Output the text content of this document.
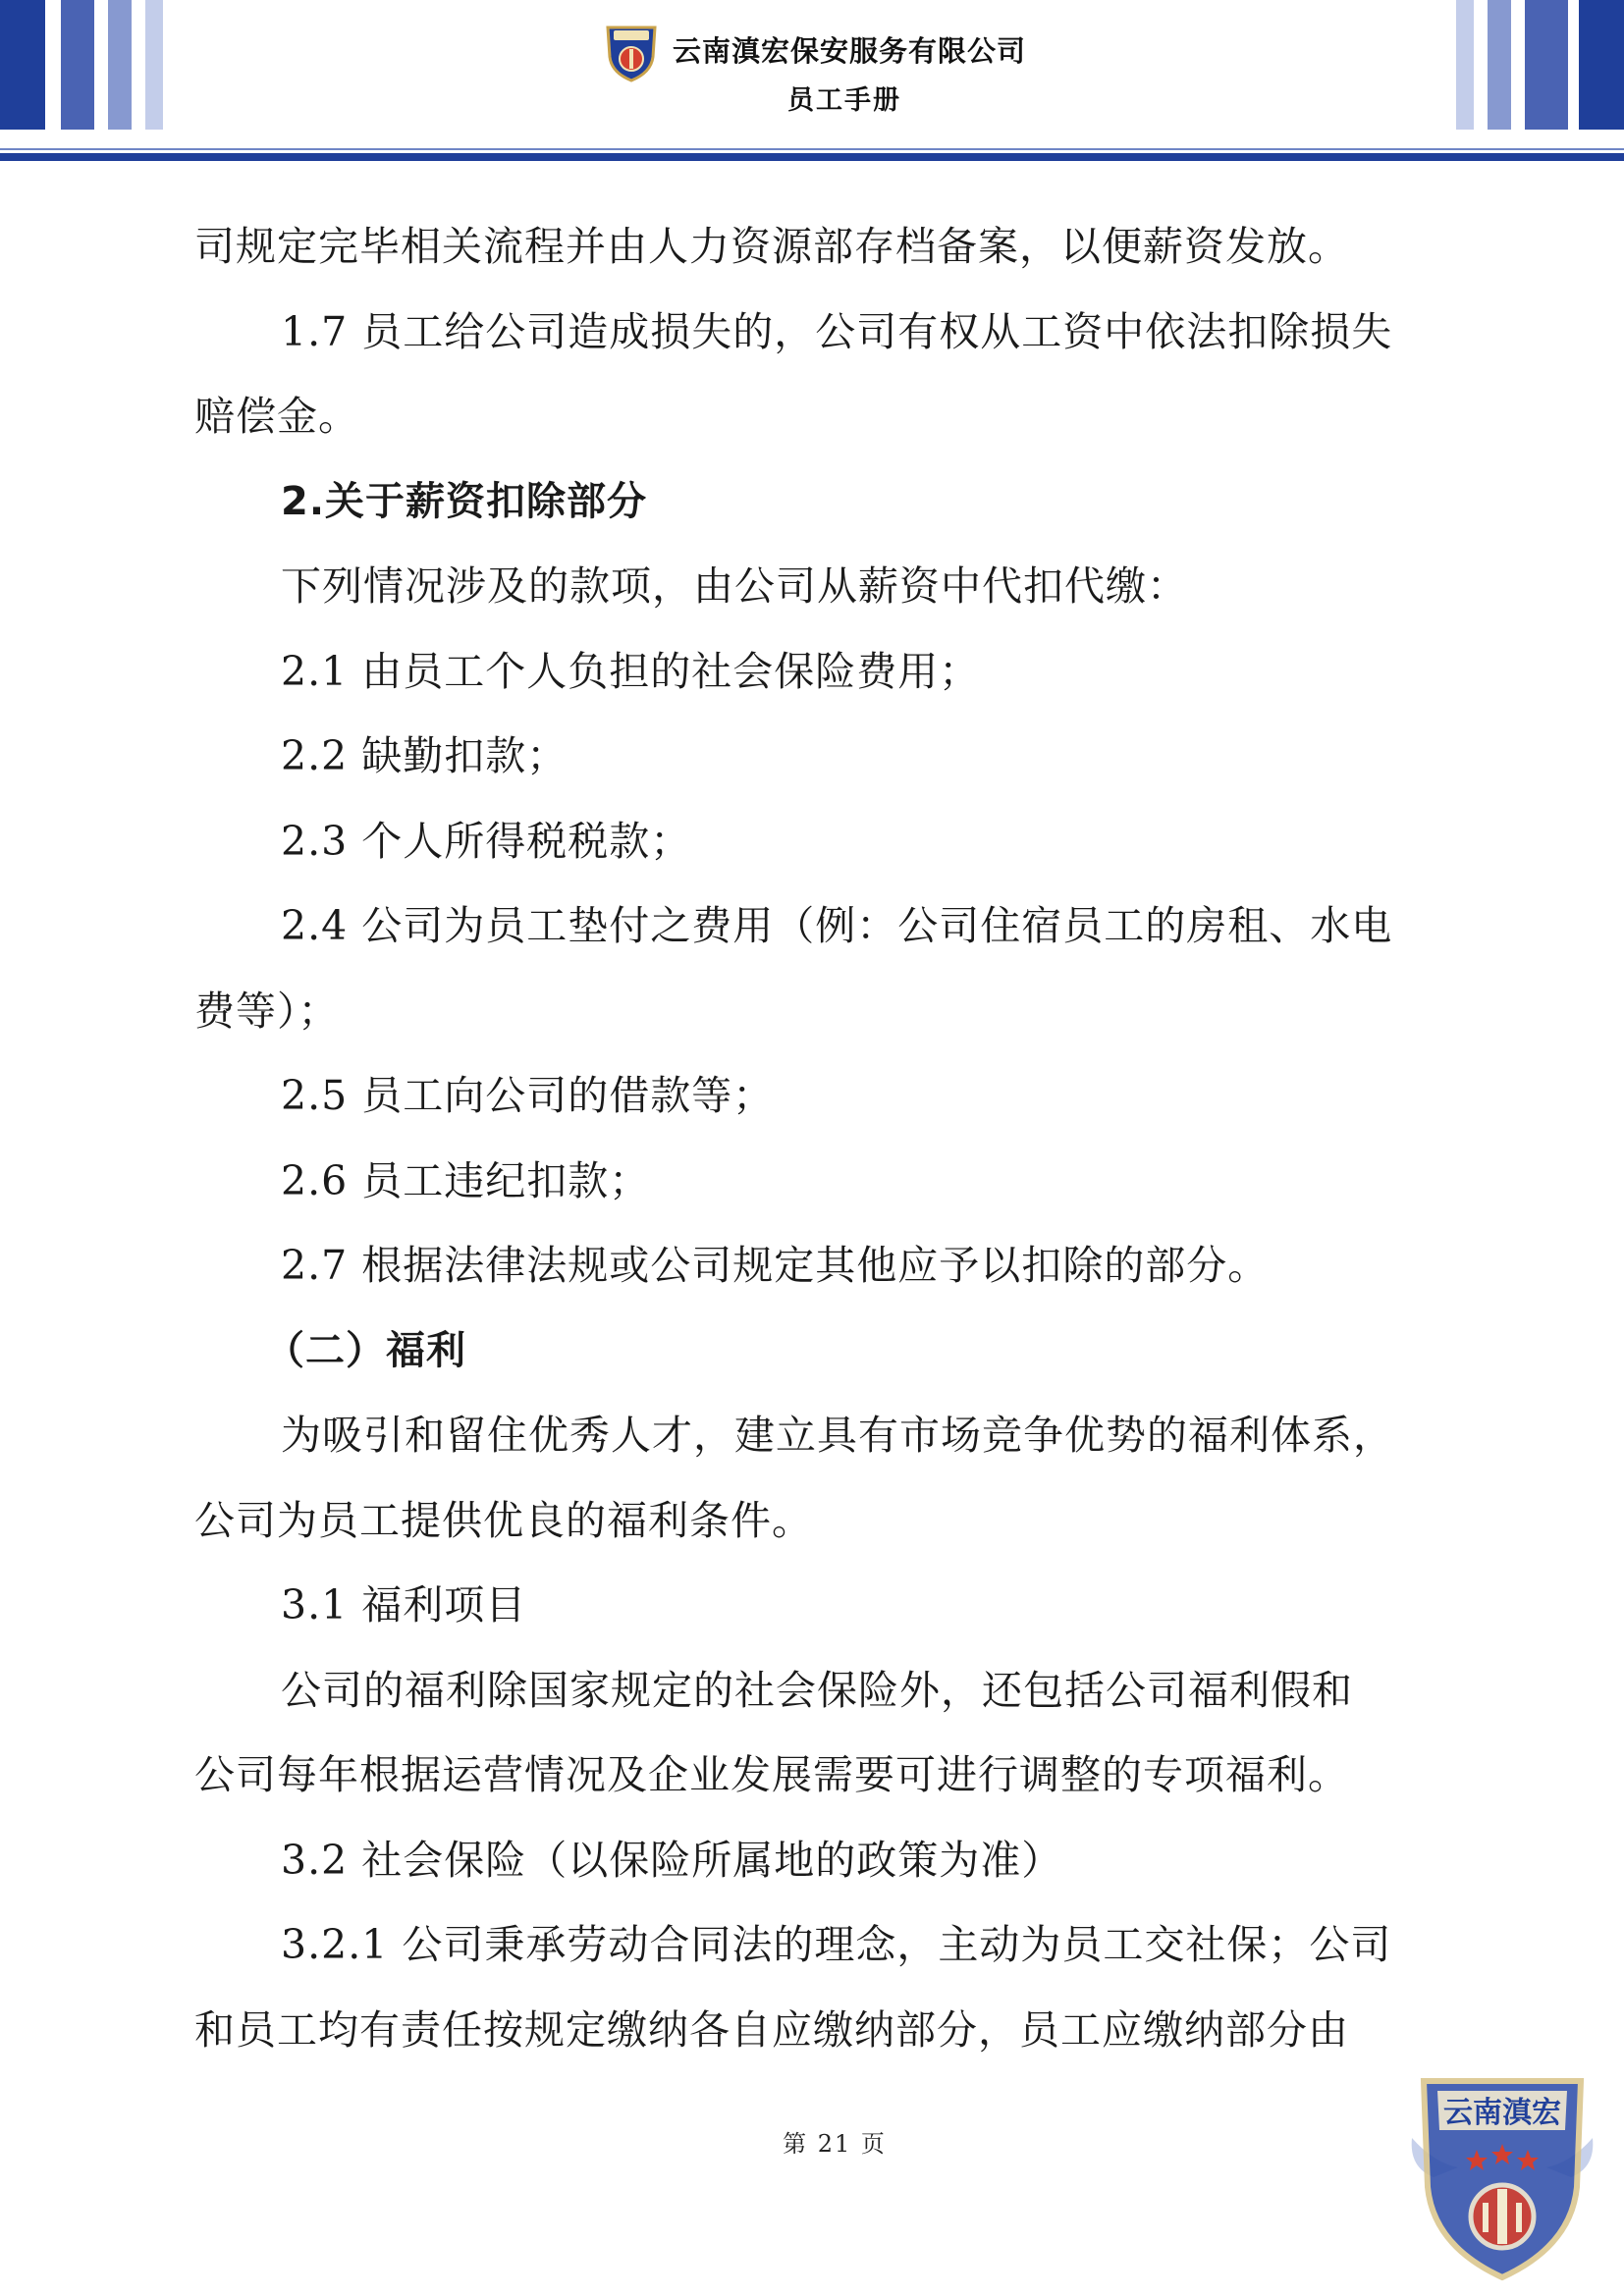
云南滇宏保安服务有限公司
员工手册
司规定完毕相关流程并由人力资源部存档备案，以便薪资发放。
1.7 员工给公司造成损失的，公司有权从工资中依法扣除损失
赔偿金。
2.关于薪资扣除部分
下列情况涉及的款项，由公司从薪资中代扣代缴：
2.1 由员工个人负担的社会保险费用；
2.2 缺勤扣款；
2.3 个人所得税税款；
2.4 公司为员工垫付之费用（例：公司住宿员工的房租、水电
费等）；
2.5 员工向公司的借款等；
2.6 员工违纪扣款；
2.7 根据法律法规或公司规定其他应予以扣除的部分。
（二）福利
为吸引和留住优秀人才，建立具有市场竞争优势的福利体系，
公司为员工提供优良的福利条件。
3.1 福利项目
公司的福利除国家规定的社会保险外，还包括公司福利假和
公司每年根据运营情况及企业发展需要可进行调整的专项福利。
3.2 社会保险（以保险所属地的政策为准）
3.2.1 公司秉承劳动合同法的理念，主动为员工交社保；公司
和员工均有责任按规定缴纳各自应缴纳部分，员工应缴纳部分由
第 21 页
云南滇宏
